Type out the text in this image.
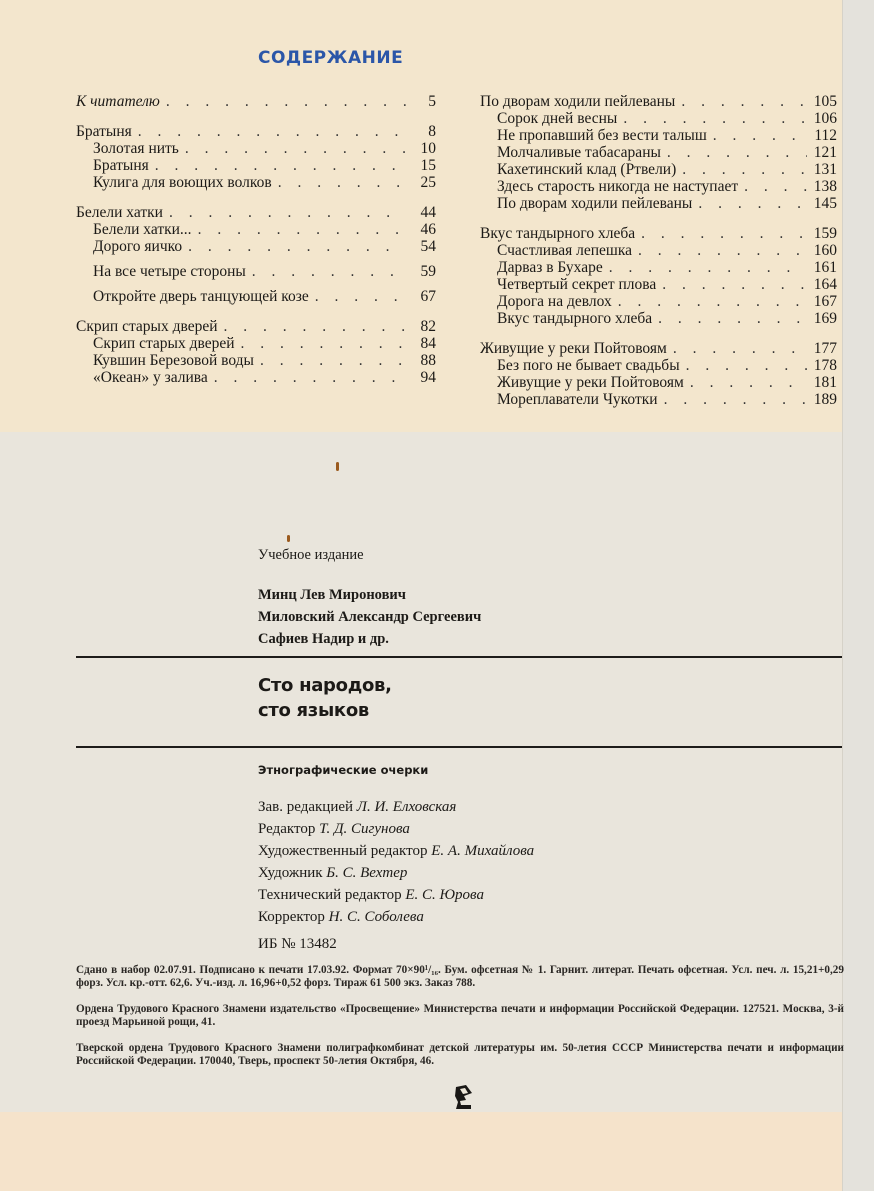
СОДЕРЖАНИЕ
К читателю . . .	5
Братыня . . .	8
Золотая нить . . .	10
Братыня . . .	15
Кулига для воющих волков . . .	25
Белели хатки . . .	44
Белели хатки... . . .	46
Дорого яичко . . .	54
На все четыре стороны . . .	59
Откройте дверь танцующей козе . . .	67
Скрип старых дверей . . .	82
Скрип старых дверей . . .	84
Кувшин Березовой воды . . .	88
«Океан» у залива . . .	94
По дворам ходили пейлеваны . . .	105
Сорок дней весны . . .	106
Не пропавший без вести талыш . . .	112
Молчаливые табасараны . . .	121
Кахетинский клад (Ртвели) . . .	131
Здесь старость никогда не наступает . . .	138
По дворам ходили пейлеваны . . .	145
Вкус тандырного хлеба . . .	159
Счастливая лепешка . . .	160
Дарваз в Бухаре . . .	161
Четвертый секрет плова . . .	164
Дорога на девлох . . .	167
Вкус тандырного хлеба . . .	169
Живущие у реки Пойтовоям . . .	177
Без пого не бывает свадьбы . . .	178
Живущие у реки Пойтовоям . . .	181
Мореплаватели Чукотки . . .	189
Учебное издание
Минц Лев Миронович
Миловский Александр Сергеевич
Сафиев Надир и др.
Сто народов,
сто языков
Этнографические очерки
Зав. редакцией Л. И. Елховская
Редактор Т. Д. Сигунова
Художественный редактор Е. А. Михайлова
Художник Б. С. Вехтер
Технический редактор Е. С. Юрова
Корректор Н. С. Соболева
ИБ № 13482
Сдано в набор 02.07.91. Подписано к печати 17.03.92. Формат 70×90¹/₁₆. Бум. офсетная № 1. Гарнит. литерат. Печать офсетная. Усл. печ. л. 15,21+0,29 форз. Усл. кр.-отт. 62,6. Уч.-изд. л. 16,96+0,52 форз. Тираж 61 500 экз. Заказ 788.
Ордена Трудового Красного Знамени издательство «Просвещение» Министерства печати и информации Российской Федерации. 127521. Москва, 3-й проезд Марьиной рощи, 41.
Тверской ордена Трудового Красного Знамени полиграфкомбинат детской литературы им. 50-летия СССР Министерства печати и информации Российской Федерации. 170040, Тверь, проспект 50-летия Октября, 46.
